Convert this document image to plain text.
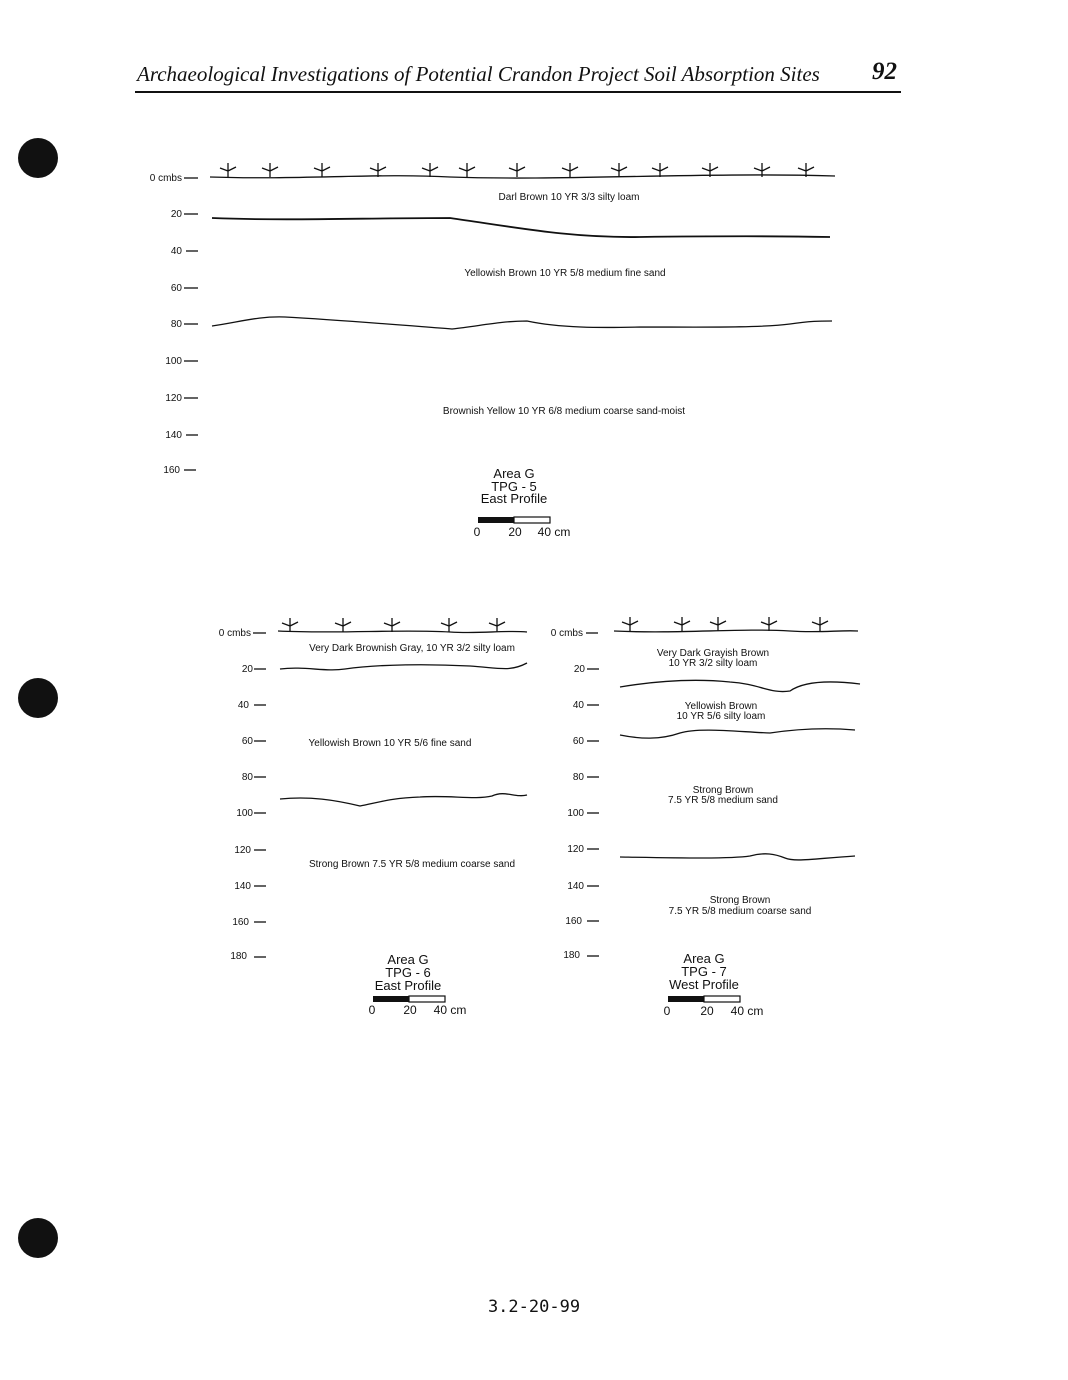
Archaeological Investigations of Potential Crandon Project Soil Absorption Sites 92
0 cmbs
20
40
60
80
100
120
140
160
Darl Brown 10 YR 3/3 silty loam
Yellowish Brown 10 YR 5/8 medium fine sand
Brownish Yellow 10 YR 6/8 medium coarse sand-moist
Area G
TPG - 5
East Profile
0 20 40 cm
0 cmbs
20
40
60
80
100
120
140
160
180
Very Dark Brownish Gray, 10 YR 3/2 silty loam
Yellowish Brown 10 YR 5/6 fine sand
Strong Brown 7.5 YR 5/8 medium coarse sand
Area G
TPG - 6
East Profile
0 20 40 cm
0 cmbs
20
40
60
80
100
120
140
160
180
Very Dark Grayish Brown
10 YR 3/2 silty loam
Yellowish Brown
10 YR 5/6 silty loam
Strong Brown
7.5 YR 5/8 medium sand
Strong Brown
7.5 YR 5/8 medium coarse sand
Area G
TPG - 7
West Profile
0 20 40 cm
3.2-20-99
